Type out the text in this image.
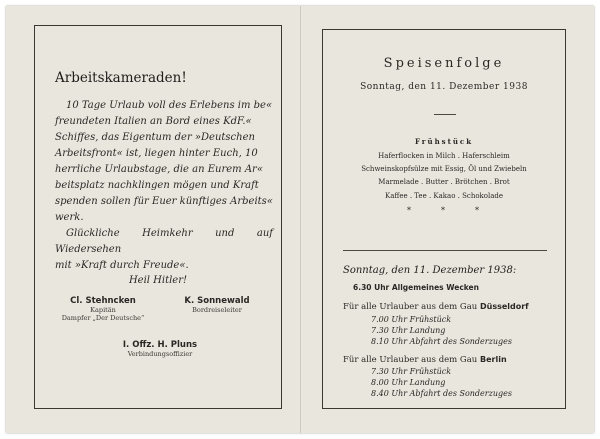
Arbeitskameraden!

10 Tage Urlaub voll des Erlebens im be«

freundeten Italien an Bord eines KdF.«

Schiffes, das Eigentum der »Deutschen

Arbeitsfront« ist, liegen hinter Euch, 10

herrliche Urlaubstage, die an Eurem Ar«

beitsplatz nachklingen mögen und Kraft

spenden sollen für Euer künftiges Arbeits«

werk.

Glückliche Heimkehr und auf Wiedersehen

mit »Kraft durch Freude«.

Heil Hitler!
Cl. Stehncken
Kapitän
Dampfer „Der Deutsche“
K. Sonnewald
Bordreiseleiter
I. Offz. H. Pluns
Verbindungsoffizier
Speisenfolge
Sonntag, den 11. Dezember 1938
Frühstück
Haferflocken in Milch . Haferschleim
Schweinskopfsülze mit Essig, Öl und Zwiebeln
Marmelade . Butter . Brötchen . Brot
Kaffee . Tee . Kakao . Schokolade
*	*	*
Sonntag, den 11. Dezember 1938:
6.30 Uhr Allgemeines Wecken
Für alle Urlauber aus dem Gau Düsseldorf
7.00 Uhr Frühstück
7.30 Uhr Landung
8.10 Uhr Abfahrt des Sonderzuges
Für alle Urlauber aus dem Gau Berlin
7.30 Uhr Frühstück
8.00 Uhr Landung
8.40 Uhr Abfahrt des Sonderzuges
